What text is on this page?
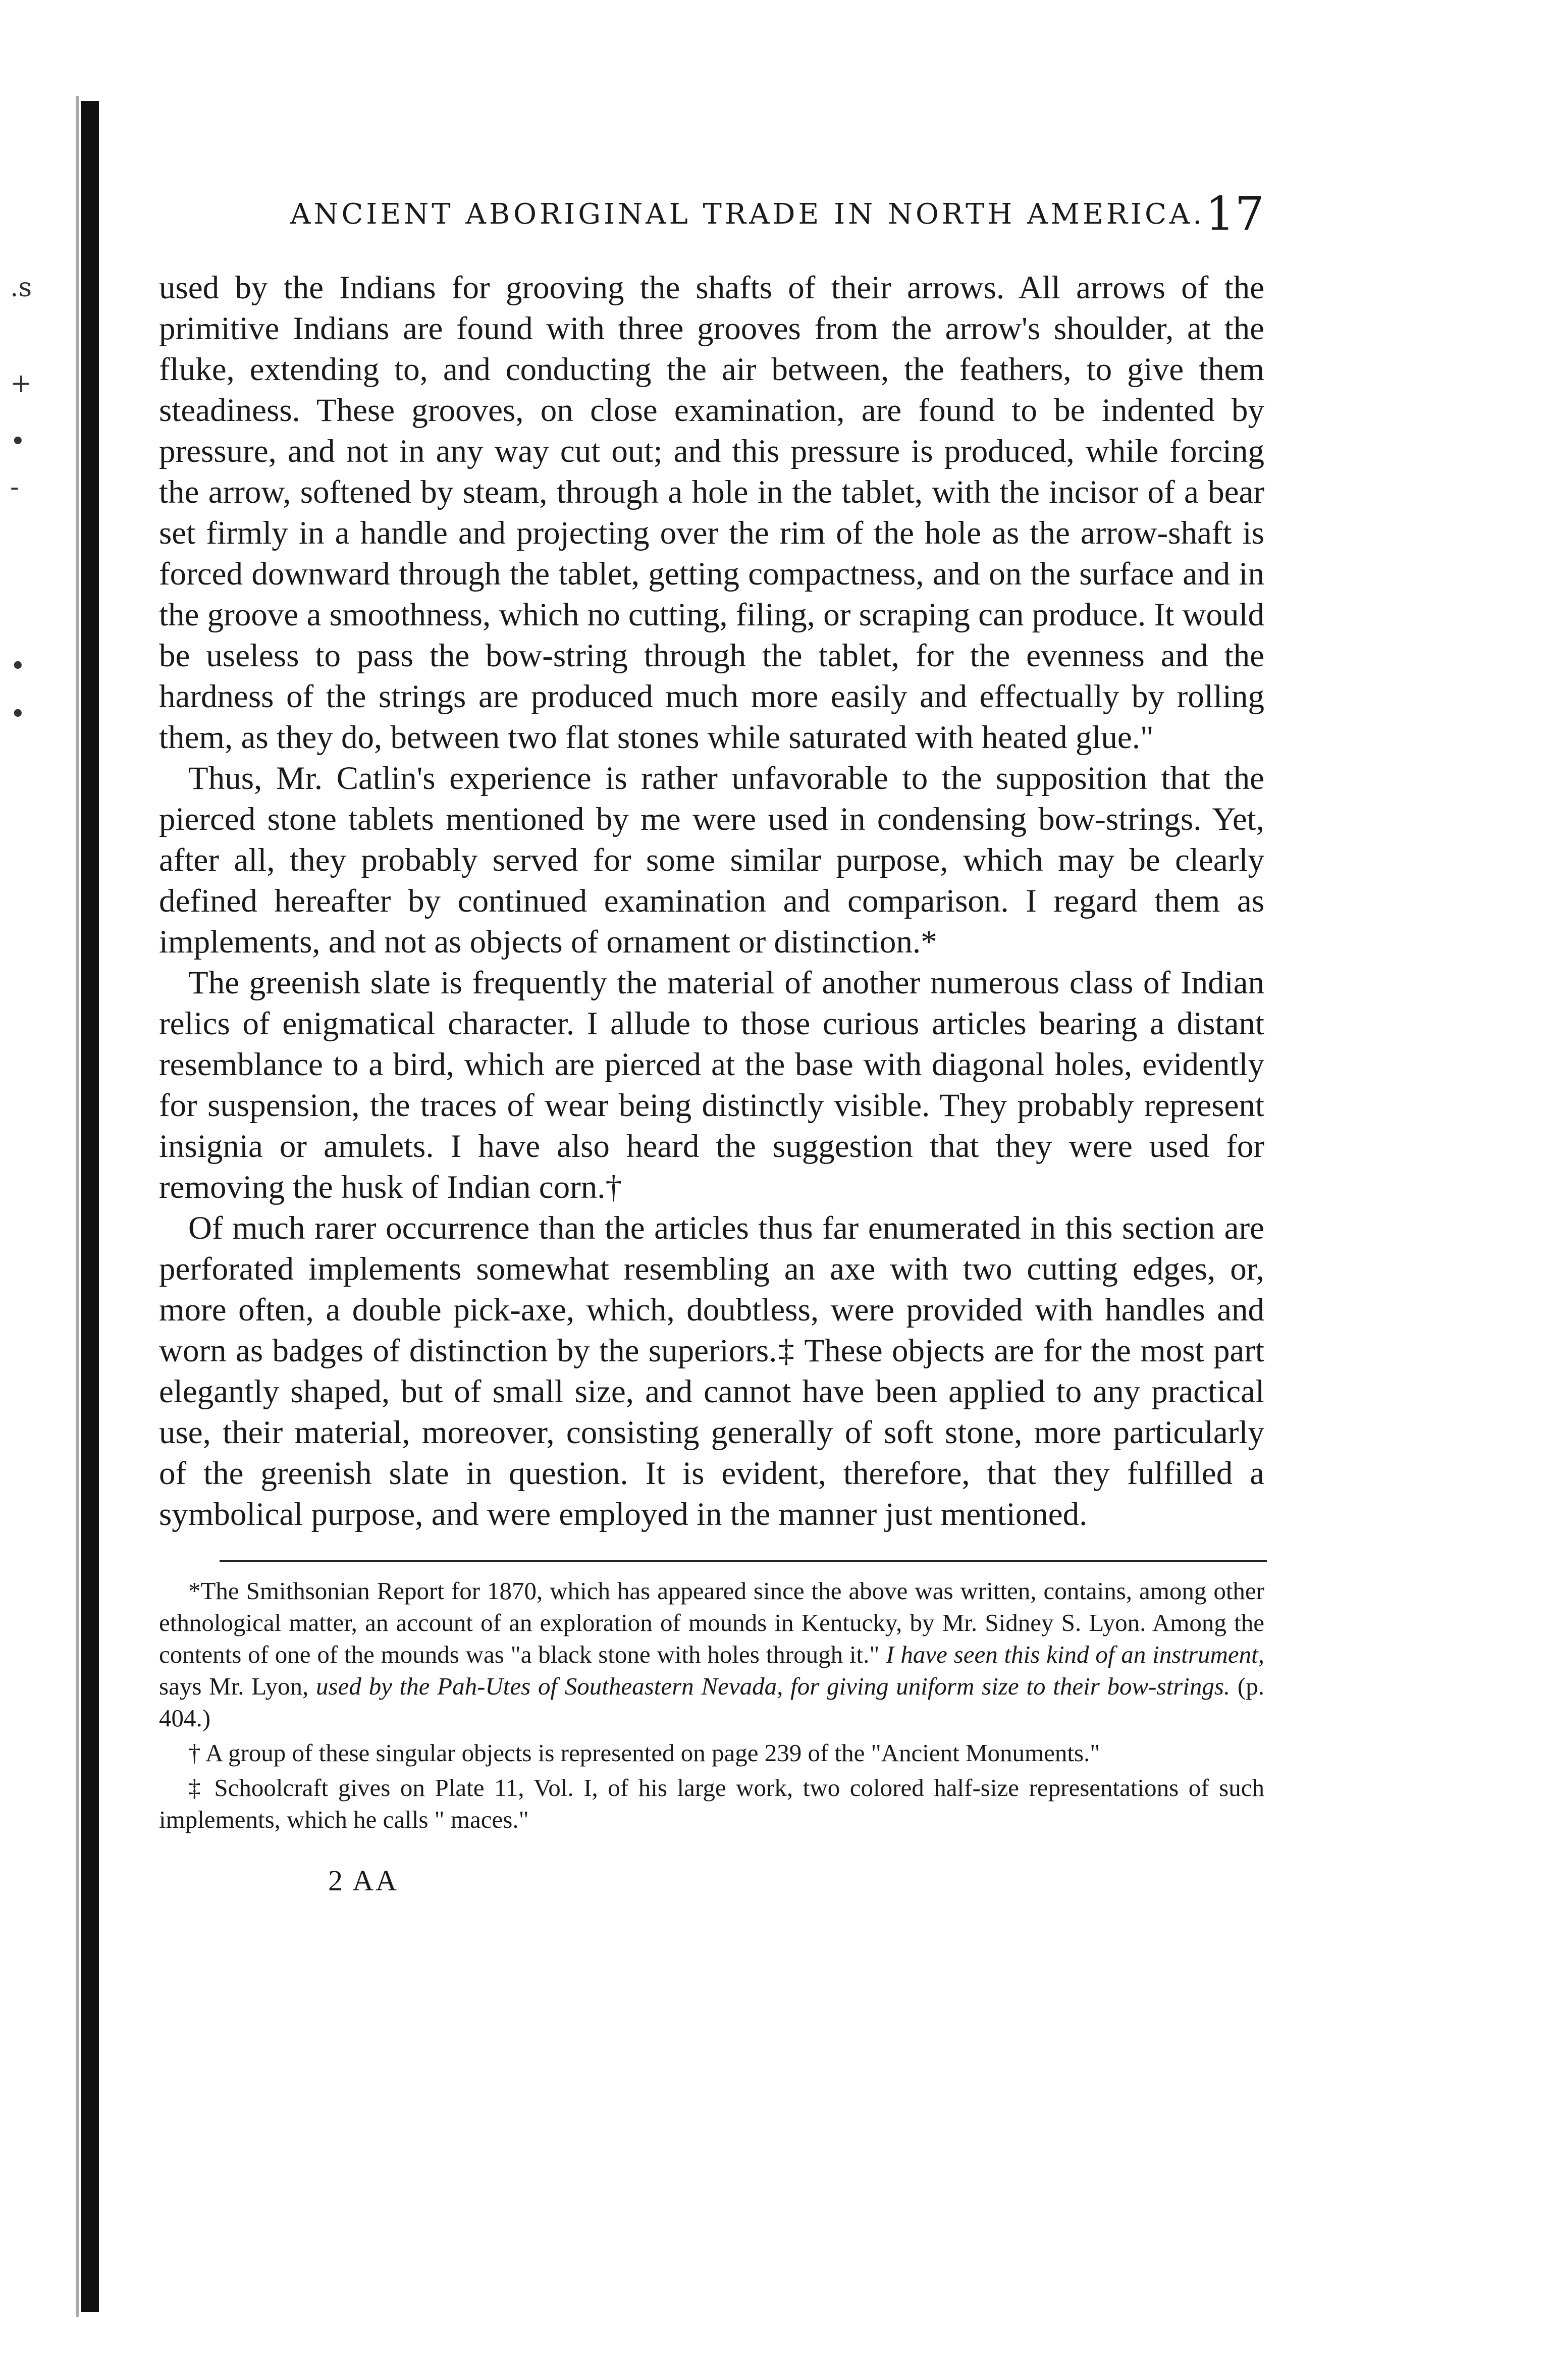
.s
+
•
-
•
•
ANCIENT ABORIGINAL TRADE IN NORTH AMERICA. 17

used by the Indians for grooving the shafts of their arrows. All arrows of the primitive Indians are found with three grooves from the arrow's shoulder, at the fluke, extending to, and conducting the air between, the feathers, to give them steadiness. These grooves, on close examination, are found to be indented by pressure, and not in any way cut out; and this pressure is produced, while forcing the arrow, softened by steam, through a hole in the tablet, with the incisor of a bear set firmly in a handle and projecting over the rim of the hole as the arrow-shaft is forced downward through the tablet, getting compactness, and on the surface and in the groove a smoothness, which no cutting, filing, or scraping can produce. It would be useless to pass the bow-string through the tablet, for the evenness and the hardness of the strings are produced much more easily and effectually by rolling them, as they do, between two flat stones while saturated with heated glue."

Thus, Mr. Catlin's experience is rather unfavorable to the supposition that the pierced stone tablets mentioned by me were used in condensing bow-strings. Yet, after all, they probably served for some similar purpose, which may be clearly defined hereafter by continued examination and comparison. I regard them as implements, and not as objects of ornament or distinction.*

The greenish slate is frequently the material of another numerous class of Indian relics of enigmatical character. I allude to those curious articles bearing a distant resemblance to a bird, which are pierced at the base with diagonal holes, evidently for suspension, the traces of wear being distinctly visible. They probably represent insignia or amulets. I have also heard the suggestion that they were used for removing the husk of Indian corn.†

Of much rarer occurrence than the articles thus far enumerated in this section are perforated implements somewhat resembling an axe with two cutting edges, or, more often, a double pick-axe, which, doubtless, were provided with handles and worn as badges of distinction by the superiors.‡ These objects are for the most part elegantly shaped, but of small size, and cannot have been applied to any practical use, their material, moreover, consisting generally of soft stone, more particularly of the greenish slate in question. It is evident, therefore, that they fulfilled a symbolical purpose, and were employed in the manner just mentioned.

*The Smithsonian Report for 1870, which has appeared since the above was written, contains, among other ethnological matter, an account of an exploration of mounds in Kentucky, by Mr. Sidney S. Lyon. Among the contents of one of the mounds was "a black stone with holes through it." I have seen this kind of an instrument, says Mr. Lyon, used by the Pah-Utes of Southeastern Nevada, for giving uniform size to their bow-strings. (p. 404.)

† A group of these singular objects is represented on page 239 of the "Ancient Monuments."

‡ Schoolcraft gives on Plate 11, Vol. I, of his large work, two colored half-size representations of such implements, which he calls " maces."

2 AA
